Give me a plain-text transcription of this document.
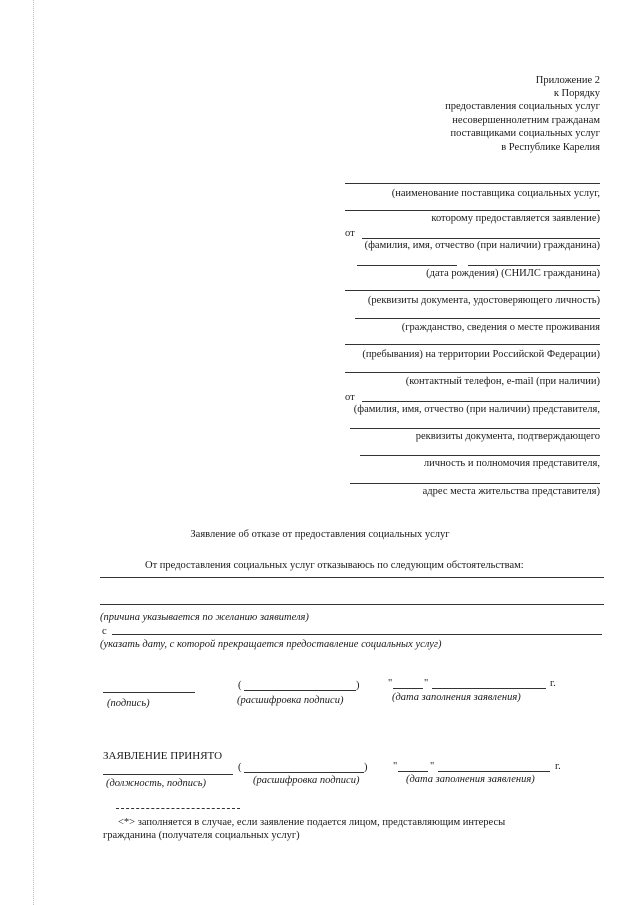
Приложение 2
к Порядку
предоставления социальных услуг
несовершеннолетним гражданам
поставщиками социальных услуг
в Республике Карелия
(наименование поставщика социальных услуг,
которому предоставляется заявление)
от
(фамилия, имя, отчество (при наличии) гражданина)
(дата рождения) (СНИЛС гражданина)
(реквизиты документа, удостоверяющего личность)
(гражданство, сведения о месте проживания
(пребывания) на территории Российской Федерации)
(контактный телефон, e-mail (при наличии)
от
(фамилия, имя, отчество (при наличии) представителя,
реквизиты документа, подтверждающего
личность и полномочия представителя,
адрес места жительства представителя)
Заявление об отказе от предоставления социальных услуг
От предоставления социальных услуг отказываюсь по следующим обстоятельствам:
(причина указывается по желанию заявителя)
с
(указать дату, с которой прекращается предоставление социальных услуг)
(подпись)
(	)
(расшифровка подписи)
"	"	г.
(дата заполнения заявления)
ЗАЯВЛЕНИЕ ПРИНЯТО
(должность, подпись)
(	)
(расшифровка подписи)
"	"	г.
(дата заполнения заявления)
<*> заполняется в случае, если заявление подается лицом, представляющим интересы
гражданина (получателя социальных услуг)
